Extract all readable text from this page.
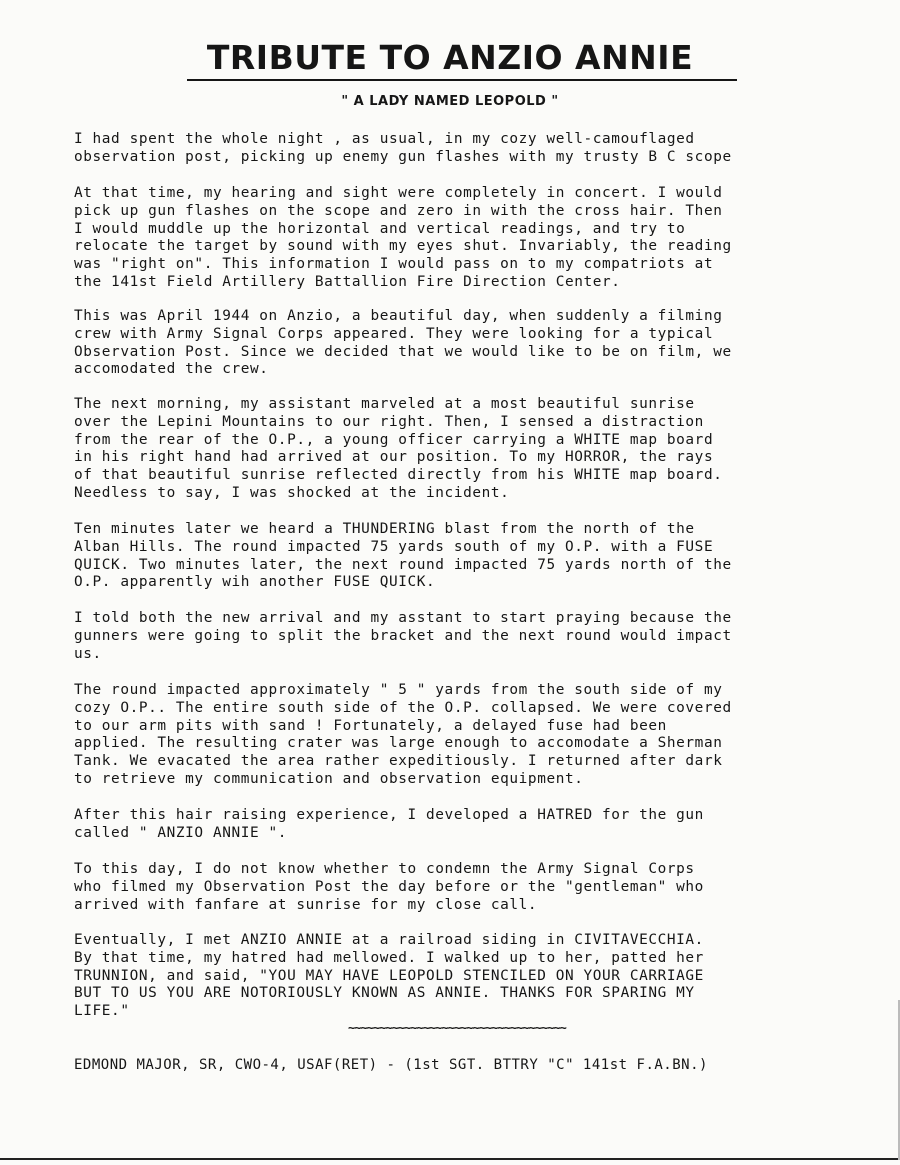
TRIBUTE TO ANZIO ANNIE
" A LADY NAMED LEOPOLD "

I had spent the whole night , as usual, in my cozy well-camouflaged
observation post, picking up enemy gun flashes with my trusty B C scope

At that time, my hearing and sight were completely in concert. I would
pick up gun flashes on the scope and zero in with the cross hair. Then
I would muddle up the horizontal and vertical readings, and try to
relocate the target by sound with my eyes shut. Invariably, the reading
was "right on". This information I would pass on to my compatriots at
the 141st Field Artillery Battallion Fire Direction Center.

This was April 1944 on Anzio, a beautiful day, when suddenly a filming
crew with Army Signal Corps appeared. They were looking for a typical
Observation Post. Since we decided that we would like to be on film, we
accomodated the crew.

The next morning, my assistant marveled at a most beautiful sunrise
over the Lepini Mountains to our right. Then, I sensed a distraction
from the rear of the O.P., a young officer carrying a WHITE map board
in his right hand had arrived at our position. To my HORROR, the rays
of that beautiful sunrise reflected directly from his WHITE map board.
Needless to say, I was shocked at the incident.

Ten minutes later we heard a THUNDERING blast from the north of the
Alban Hills. The round impacted 75 yards south of my O.P. with a FUSE
QUICK. Two minutes later, the next round impacted 75 yards north of the
O.P. apparently wih another FUSE QUICK.

I told both the new arrival and my asstant to start praying because the
gunners were going to split the bracket and the next round would impact
us.

The round impacted approximately " 5 " yards from the south side of my
cozy O.P.. The entire south side of the O.P. collapsed. We were covered
to our arm pits with sand ! Fortunately, a delayed fuse had been
applied. The resulting crater was large enough to accomodate a Sherman
Tank. We evacated the area rather expeditiously. I returned after dark
to retrieve my communication and observation equipment.

After this hair raising experience, I developed a HATRED for the gun
called " ANZIO ANNIE ".

To this day, I do not know whether to condemn the Army Signal Corps
who filmed my Observation Post the day before or the "gentleman" who
arrived with fanfare at sunrise for my close call.

Eventually, I met ANZIO ANNIE at a railroad siding in CIVITAVECCHIA.
By that time, my hatred had mellowed. I walked up to her, patted her
TRUNNION, and said, "YOU MAY HAVE LEOPOLD STENCILED ON YOUR CARRIAGE
BUT TO US YOU ARE NOTORIOUSLY KNOWN AS ANNIE. THANKS FOR SPARING MY
LIFE."

~~~~~~~~~~~~~~~~~~~~~~~~~~~~~~~~~~~
EDMOND MAJOR, SR, CWO-4, USAF(RET) - (1st SGT. BTTRY "C" 141st F.A.BN.)
